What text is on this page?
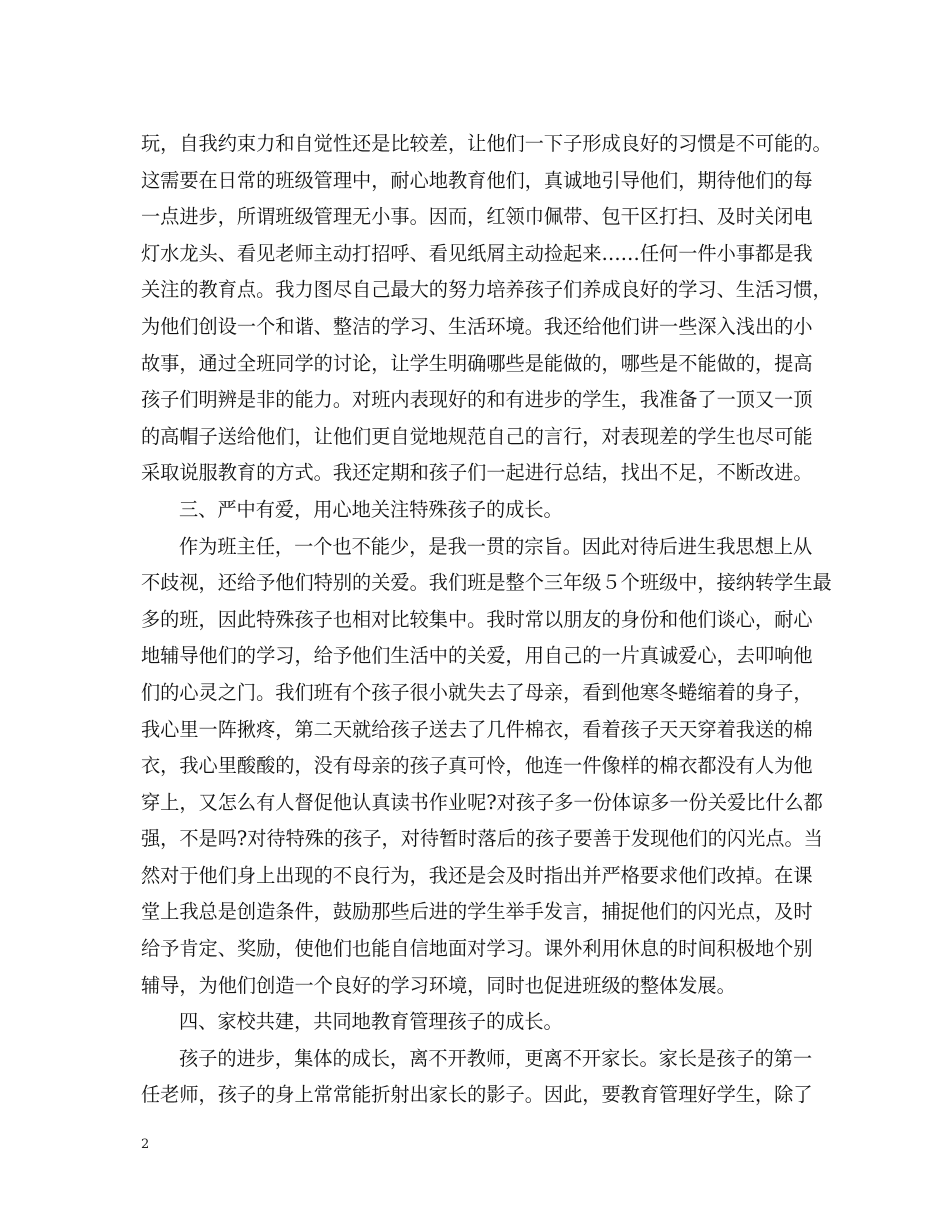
玩，自我约束力和自觉性还是比较差，让他们一下子形成良好的习惯是不可能的。
这需要在日常的班级管理中，耐心地教育他们，真诚地引导他们，期待他们的每
一点进步，所谓班级管理无小事。因而，红领巾佩带、包干区打扫、及时关闭电
灯水龙头、看见老师主动打招呼、看见纸屑主动捡起来……任何一件小事都是我
关注的教育点。我力图尽自己最大的努力培养孩子们养成良好的学习、生活习惯，
为他们创设一个和谐、整洁的学习、生活环境。我还给他们讲一些深入浅出的小
故事，通过全班同学的讨论，让学生明确哪些是能做的，哪些是不能做的，提高
孩子们明辨是非的能力。对班内表现好的和有进步的学生，我准备了一顶又一顶
的高帽子送给他们，让他们更自觉地规范自己的言行，对表现差的学生也尽可能
采取说服教育的方式。我还定期和孩子们一起进行总结，找出不足，不断改进。
三、严中有爱，用心地关注特殊孩子的成长。
作为班主任，一个也不能少，是我一贯的宗旨。因此对待后进生我思想上从
不歧视，还给予他们特别的关爱。我们班是整个三年级５个班级中，接纳转学生最
多的班，因此特殊孩子也相对比较集中。我时常以朋友的身份和他们谈心，耐心
地辅导他们的学习，给予他们生活中的关爱，用自己的一片真诚爱心，去叩响他
们的心灵之门。我们班有个孩子很小就失去了母亲，看到他寒冬蜷缩着的身子，
我心里一阵揪疼，第二天就给孩子送去了几件棉衣，看着孩子天天穿着我送的棉
衣，我心里酸酸的，没有母亲的孩子真可怜，他连一件像样的棉衣都没有人为他
穿上，又怎么有人督促他认真读书作业呢?对孩子多一份体谅多一份关爱比什么都
强，不是吗?对待特殊的孩子，对待暂时落后的孩子要善于发现他们的闪光点。当
然对于他们身上出现的不良行为，我还是会及时指出并严格要求他们改掉。在课
堂上我总是创造条件，鼓励那些后进的学生举手发言，捕捉他们的闪光点，及时
给予肯定、奖励，使他们也能自信地面对学习。课外利用休息的时间积极地个别
辅导，为他们创造一个良好的学习环境，同时也促进班级的整体发展。
四、家校共建，共同地教育管理孩子的成长。
孩子的进步，集体的成长，离不开教师，更离不开家长。家长是孩子的第一
任老师，孩子的身上常常能折射出家长的影子。因此，要教育管理好学生，除了
2
